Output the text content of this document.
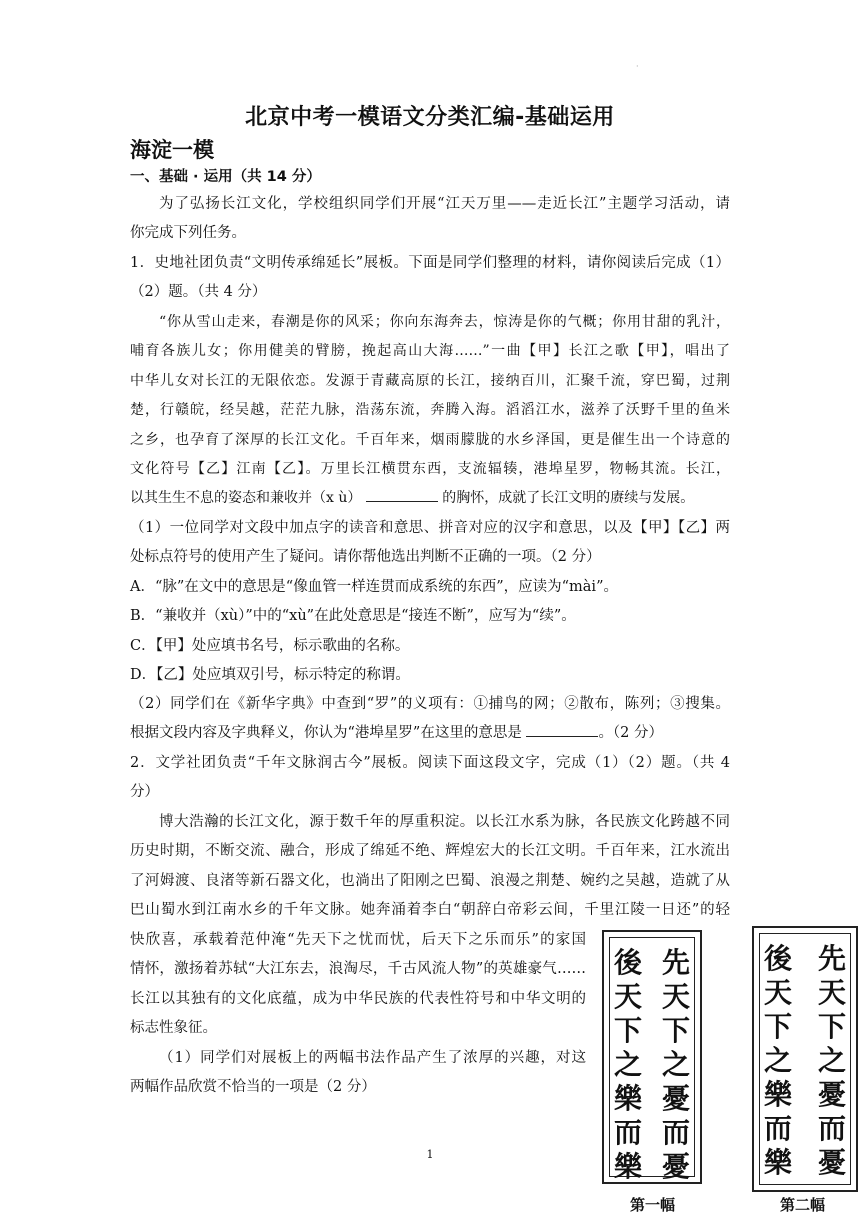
·
北京中考一模语文分类汇编-基础运用
海淀一模
一、基础 · 运用（共 14 分）
为了弘扬长江文化，学校组织同学们开展“江天万里——走近长江”主题学习活动，请
你完成下列任务。
1．史地社团负责“文明传承绵延长”展板。下面是同学们整理的材料，请你阅读后完成（1）
（2）题。（共 4 分）
“你从雪山走来，春潮是你的风采；你向东海奔去，惊涛是你的气概；你用甘甜的乳汁，
哺育各族儿女；你用健美的臂膀，挽起高山大海……”一曲【甲】长江之歌【甲】，唱出了
中华儿女对长江的无限依恋。发源于青藏高原的长江，接纳百川，汇聚千流，穿巴蜀，过荆
楚，行赣皖，经吴越，茫茫九脉，浩荡东流，奔腾入海。滔滔江水，滋养了沃野千里的鱼米
之乡，也孕育了深厚的长江文化。千百年来，烟雨朦胧的水乡泽国，更是催生出一个诗意的
文化符号【乙】江南【乙】。万里长江横贯东西，支流辐辏，港埠星罗，物畅其流。长江，
以其生生不息的姿态和兼收并（x ù）	的胸怀，成就了长江文明的赓续与发展。
（1）一位同学对文段中加点字的读音和意思、拼音对应的汉字和意思，以及【甲】【乙】两
处标点符号的使用产生了疑问。请你帮他选出判断不正确的一项。（2 分）
A．“脉”在文中的意思是“像血管一样连贯而成系统的东西”，应读为“mài”。
B．“兼收并（xù）”中的“xù”在此处意思是“接连不断”，应写为“续”。
C．【甲】处应填书名号，标示歌曲的名称。
D．【乙】处应填双引号，标示特定的称谓。
（2）同学们在《新华字典》中查到“罗”的义项有：①捕鸟的网；②散布，陈列；③搜集。
根据文段内容及字典释义，你认为“港埠星罗”在这里的意思是	。（2 分）
2．文学社团负责“千年文脉润古今”展板。阅读下面这段文字，完成（1）（2）题。（共 4
分）
博大浩瀚的长江文化，源于数千年的厚重积淀。以长江水系为脉，各民族文化跨越不同
历史时期，不断交流、融合，形成了绵延不绝、辉煌宏大的长江文明。千百年来，江水流出
了河姆渡、良渚等新石器文化，也淌出了阳刚之巴蜀、浪漫之荆楚、婉约之吴越，造就了从
巴山蜀水到江南水乡的千年文脉。她奔涌着李白“朝辞白帝彩云间，千里江陵一日还”的轻
快欣喜，承载着范仲淹“先天下之忧而忧，后天下之乐而乐”的家国
情怀，激扬着苏轼“大江东去，浪淘尽，千古风流人物”的英雄豪气……
长江以其独有的文化底蕴，成为中华民族的代表性符号和中华文明的
标志性象征。
（1）同学们对展板上的两幅书法作品产生了浓厚的兴趣，对这
两幅作品欣赏不恰当的一项是（2 分）
先
天
下
之
憂
而
憂
後
天
下
之
樂
而
樂
第一幅
先
天
下
之
憂
而
憂
後
天
下
之
樂
而
樂
第二幅
1
